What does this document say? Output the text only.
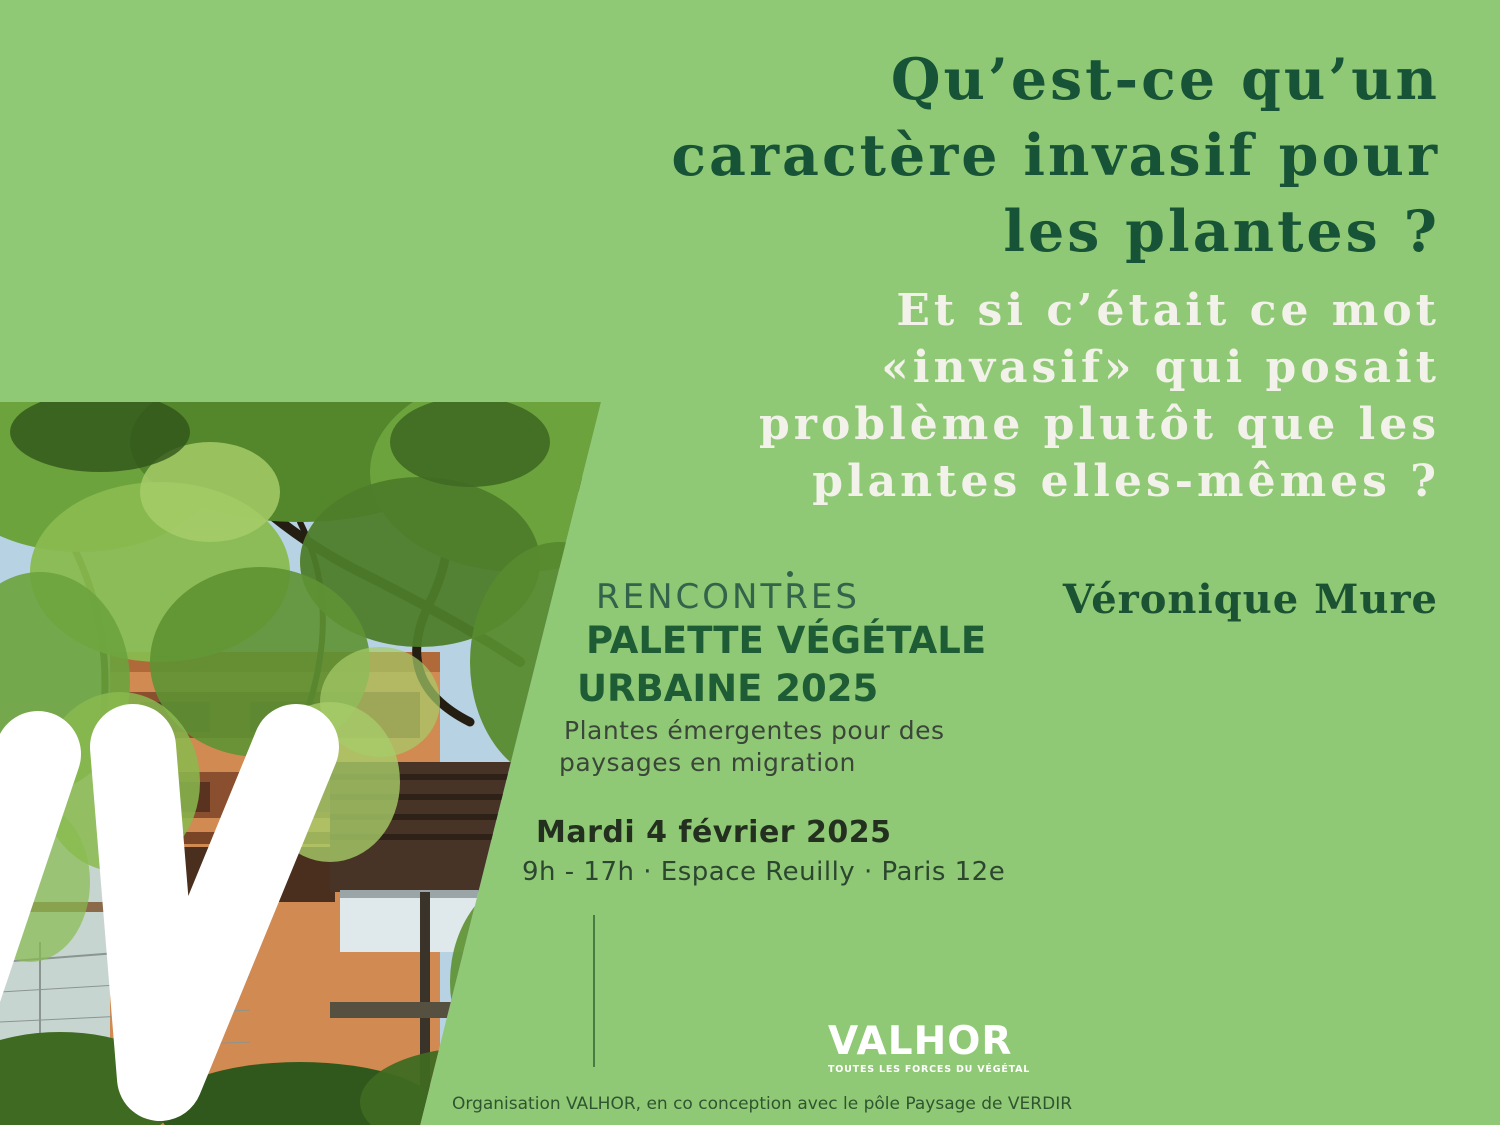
Qu’est-ce qu’un
caractère invasif pour
les plantes ?
Et si c’était ce mot
«invasif» qui posait
problème plutôt que les
plantes elles-mêmes ?
Véronique Mure
RENCONTRES
PALETTE VÉGÉTALE
URBAINE 2025
Plantes émergentes pour des
paysages en migration
Mardi 4 février 2025
9h - 17h · Espace Reuilly · Paris 12e
VALHOR
TOUTES LES FORCES DU VÉGÉTAL
Organisation VALHOR, en co conception avec le pôle Paysage de VERDIR
